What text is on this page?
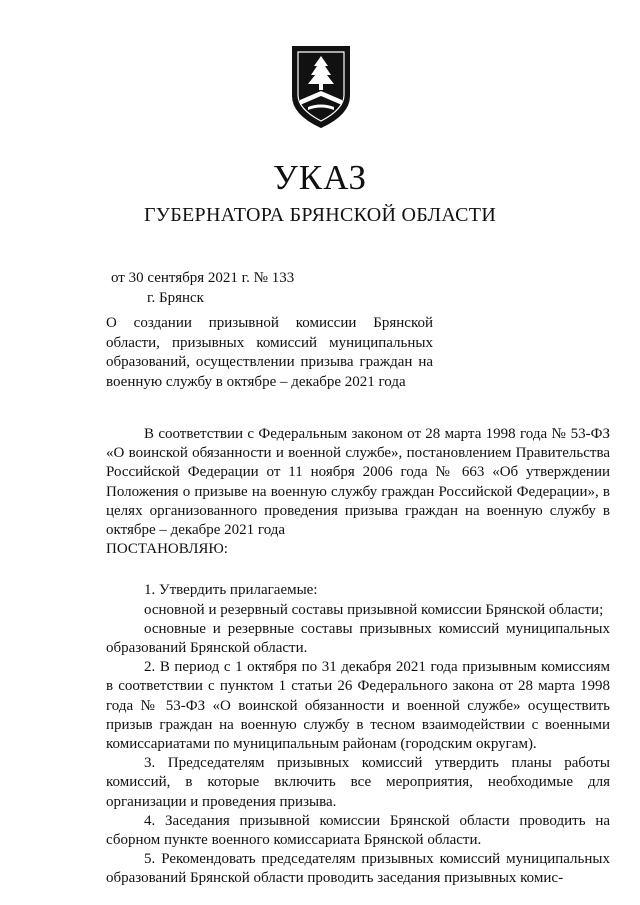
УКАЗ
ГУБЕРНАТОРА БРЯНСКОЙ ОБЛАСТИ
от 30 сентября 2021 г. № 133
г. Брянск

О создании призывной комиссии Брянской области, призывных комиссий муниципальных образований, осуществлении призыва граждан на военную службу в октябре – декабре 2021 года

В соответствии с Федеральным законом от 28 марта 1998 года № 53-ФЗ «О воинской обязанности и военной службе», постановлением Правительства Российской Федерации от 11 ноября 2006 года № 663 «Об утверждении Положения о призыве на военную службу граждан Российской Федерации», в целях организованного проведения призыва граждан на военную службу в октябре – декабре 2021 года

ПОСТАНОВЛЯЮ:

1. Утвердить прилагаемые:

основной и резервный составы призывной комиссии Брянской области;

основные и резервные составы призывных комиссий муниципальных образований Брянской области.

2. В период с 1 октября по 31 декабря 2021 года призывным комиссиям в соответствии с пунктом 1 статьи 26 Федерального закона от 28 марта 1998 года № 53-ФЗ «О воинской обязанности и военной службе» осуществить призыв граждан на военную службу в тесном взаимодействии с военными комиссариатами по муниципальным районам (городским округам).

3. Председателям призывных комиссий утвердить планы работы комиссий, в которые включить все мероприятия, необходимые для организации и проведения призыва.

4. Заседания призывной комиссии Брянской области проводить на сборном пункте военного комиссариата Брянской области.

5. Рекомендовать председателям призывных комиссий муниципальных образований Брянской области проводить заседания призывных комис-
